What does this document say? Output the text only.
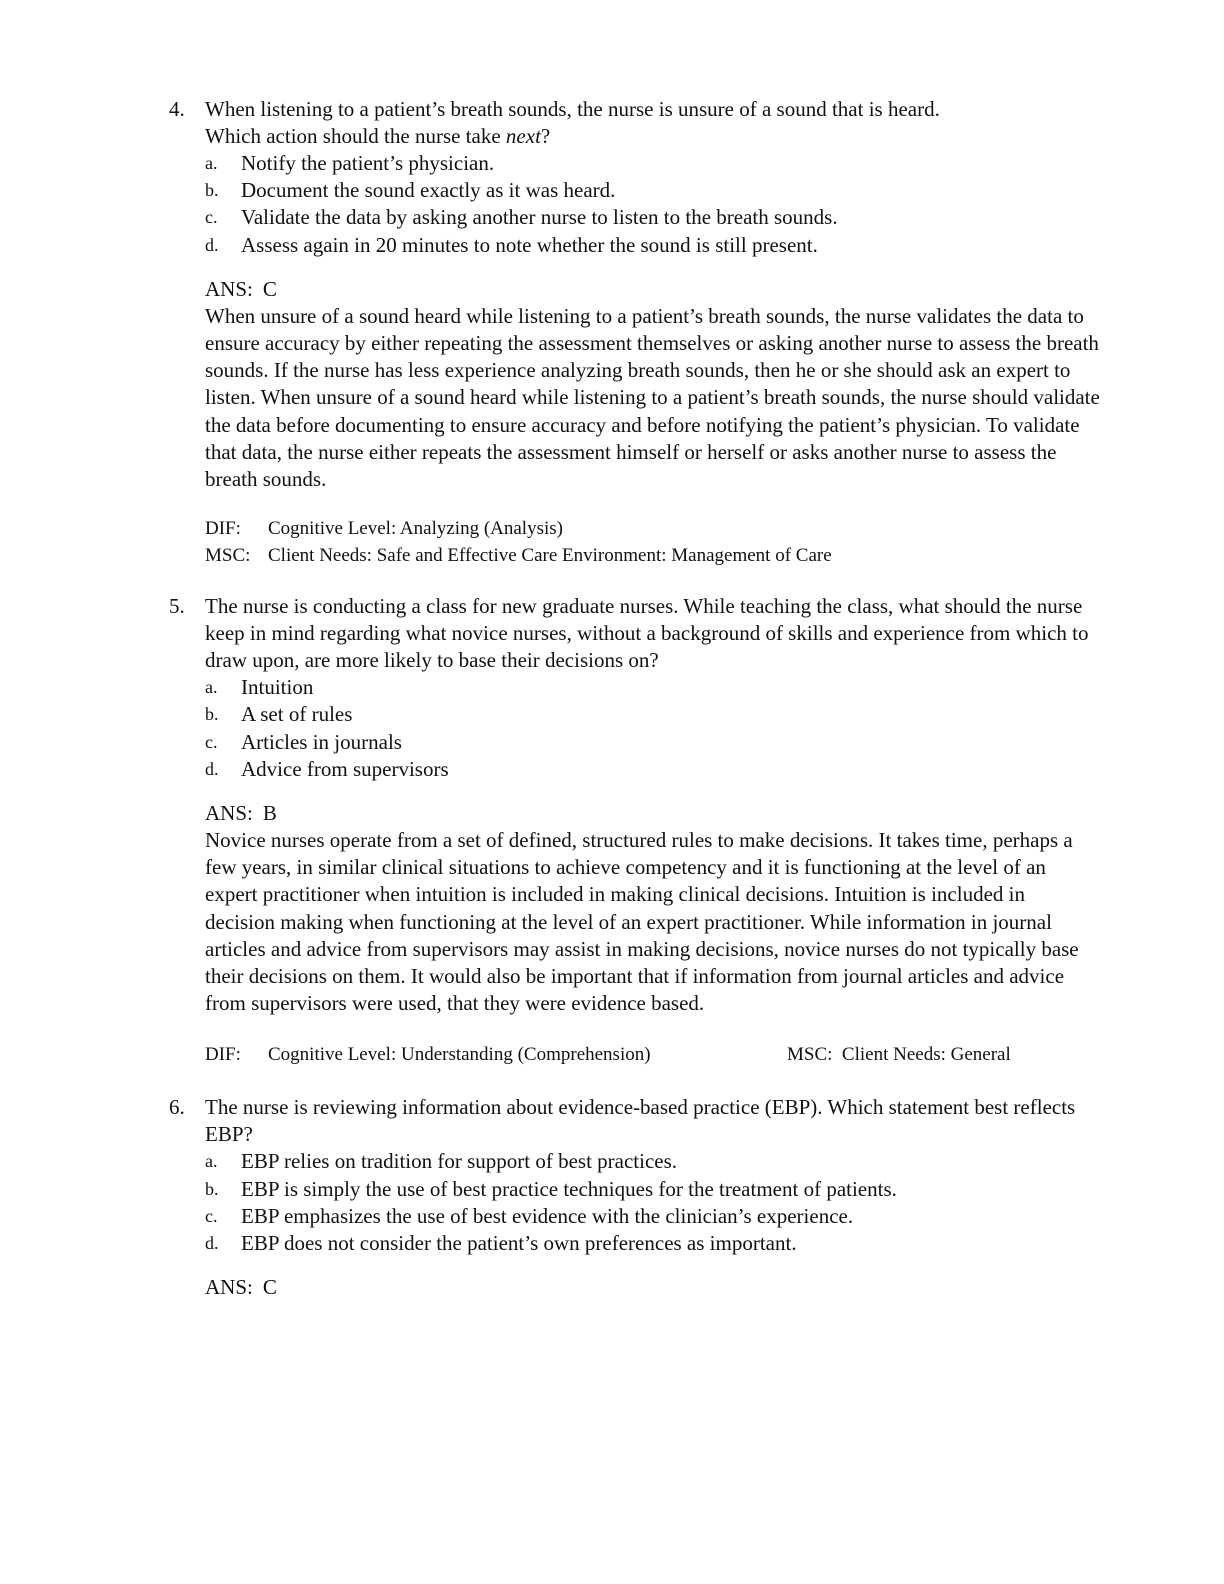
4. When listening to a patient’s breath sounds, the nurse is unsure of a sound that is heard.
Which action should the nurse take next?
a. Notify the patient’s physician.
b. Document the sound exactly as it was heard.
c. Validate the data by asking another nurse to listen to the breath sounds.
d. Assess again in 20 minutes to note whether the sound is still present.
ANS: C
When unsure of a sound heard while listening to a patient’s breath sounds, the nurse validates the data to ensure accuracy by either repeating the assessment themselves or asking another nurse to assess the breath sounds. If the nurse has less experience analyzing breath sounds, then he or she should ask an expert to listen. When unsure of a sound heard while listening to a patient’s breath sounds, the nurse should validate the data before documenting to ensure accuracy and before notifying the patient’s physician. To validate that data, the nurse either repeats the assessment himself or herself or asks another nurse to assess the breath sounds.
DIF: Cognitive Level: Analyzing (Analysis)
MSC: Client Needs: Safe and Effective Care Environment: Management of Care
5. The nurse is conducting a class for new graduate nurses. While teaching the class, what should the nurse keep in mind regarding what novice nurses, without a background of skills and experience from which to draw upon, are more likely to base their decisions on?
a. Intuition
b. A set of rules
c. Articles in journals
d. Advice from supervisors
ANS: B
Novice nurses operate from a set of defined, structured rules to make decisions. It takes time, perhaps a few years, in similar clinical situations to achieve competency and it is functioning at the level of an expert practitioner when intuition is included in making clinical decisions. Intuition is included in decision making when functioning at the level of an expert practitioner. While information in journal articles and advice from supervisors may assist in making decisions, novice nurses do not typically base their decisions on them. It would also be important that if information from journal articles and advice from supervisors were used, that they were evidence based.
DIF: Cognitive Level: Understanding (Comprehension)	MSC: Client Needs: General
6. The nurse is reviewing information about evidence-based practice (EBP). Which statement best reflects EBP?
a. EBP relies on tradition for support of best practices.
b. EBP is simply the use of best practice techniques for the treatment of patients.
c. EBP emphasizes the use of best evidence with the clinician’s experience.
d. EBP does not consider the patient’s own preferences as important.
ANS: C
